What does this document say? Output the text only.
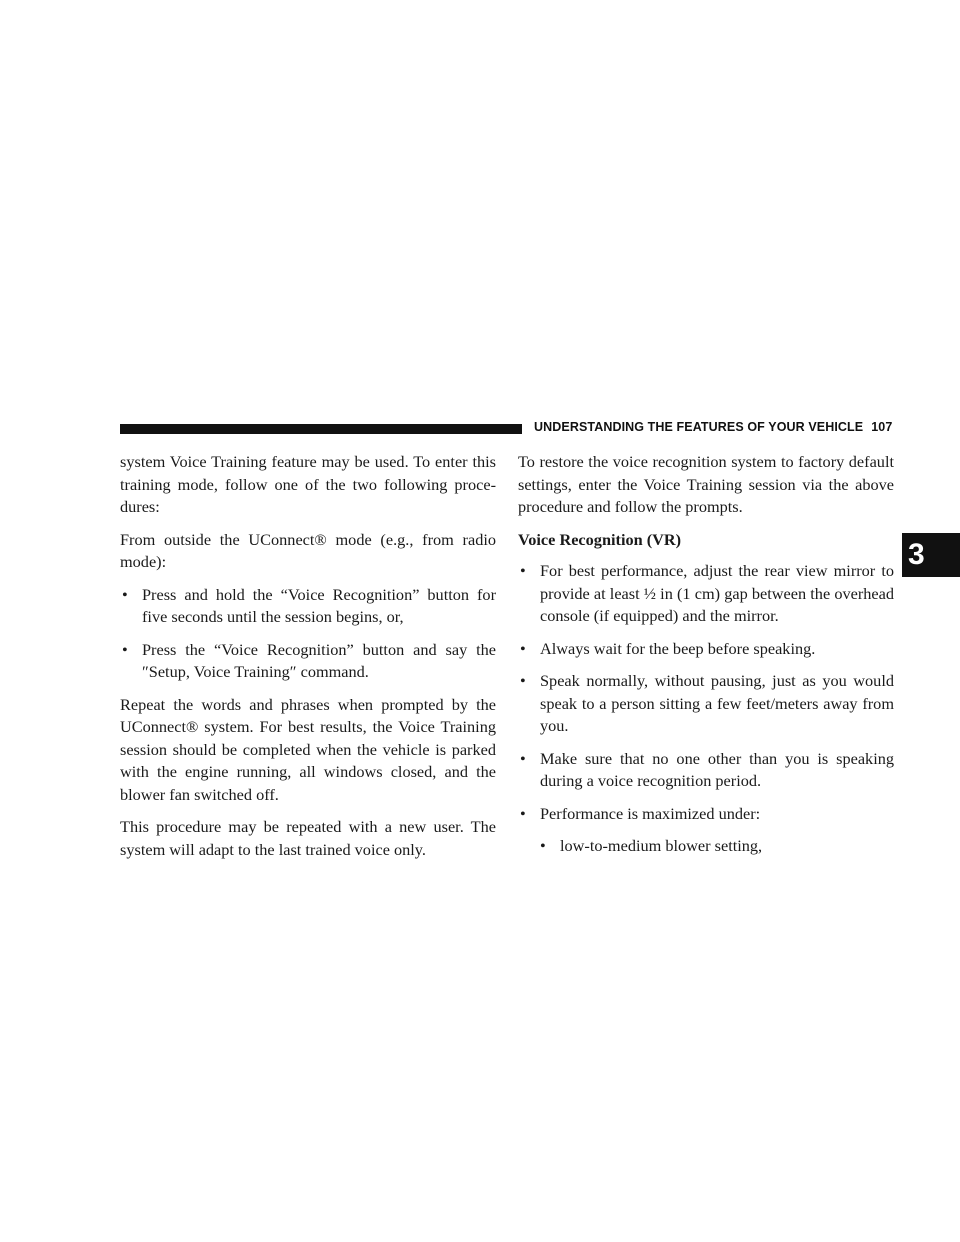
UNDERSTANDING THE FEATURES OF YOUR VEHICLE 107
3

system Voice Training feature may be used. To enter this training mode, follow one of the two following proce-dures:

From outside the UConnect® mode (e.g., from radio mode):

• Press and hold the “Voice Recognition” button for five seconds until the session begins, or,
• Press the “Voice Recognition” button and say the ″Setup, Voice Training″ command.

Repeat the words and phrases when prompted by the UConnect® system. For best results, the Voice Training session should be completed when the vehicle is parked with the engine running, all windows closed, and the blower fan switched off.

This procedure may be repeated with a new user. The system will adapt to the last trained voice only.

To restore the voice recognition system to factory default settings, enter the Voice Training session via the above procedure and follow the prompts.

Voice Recognition (VR)
• For best performance, adjust the rear view mirror to provide at least ½ in (1 cm) gap between the overhead console (if equipped) and the mirror.
• Always wait for the beep before speaking.
• Speak normally, without pausing, just as you would speak to a person sitting a few feet/meters away from you.
• Make sure that no one other than you is speaking during a voice recognition period.
• Performance is maximized under:
• low-to-medium blower setting,
